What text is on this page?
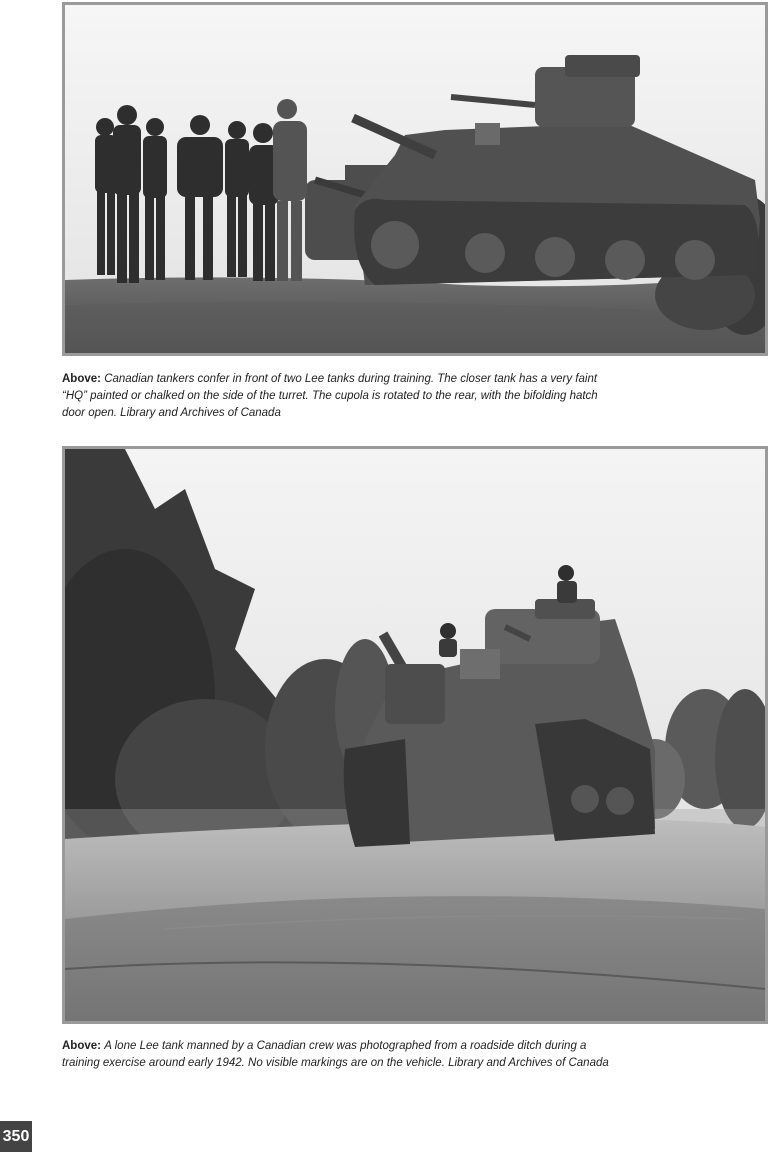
Above: Canadian tankers confer in front of two Lee tanks during training. The closer tank has a very faint “HQ” painted or chalked on the side of the turret. The cupola is rotated to the rear, with the bifolding hatch door open. Library and Archives of Canada
Above: A lone Lee tank manned by a Canadian crew was photographed from a roadside ditch during a training exercise around early 1942. No visible markings are on the vehicle. Library and Archives of Canada
350
